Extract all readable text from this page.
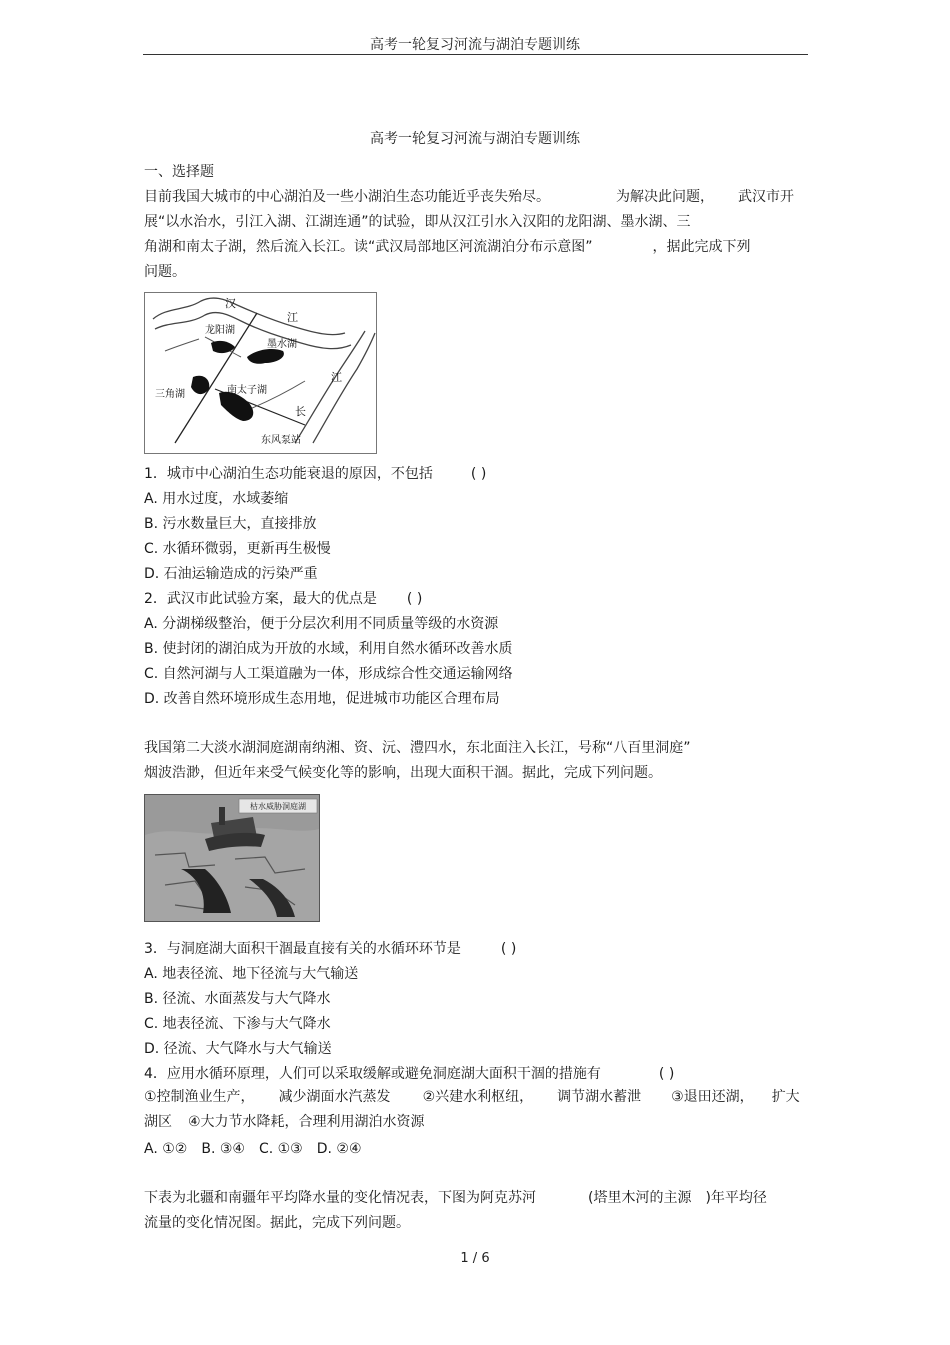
高考一轮复习河流与湖泊专题训练
高考一轮复习河流与湖泊专题训练
一、选择题
目前我国大城市的中心湖泊及一些小湖泊生态功能近乎丧失殆尽。	为解决此问题， 武汉市开
展“以水治水，引江入湖、江湖连通”的试验，即从汉江引水入汉阳的龙阳湖、墨水湖、三
角湖和南太子湖，然后流入长江。读“武汉局部地区河流湖泊分布示意图”	，据此完成下列
问题。
汉
江
龙阳湖
墨水湖
江
三角湖	南太子湖
长
东风泵站
1．城市中心湖泊生态功能衰退的原因，不包括	( )
A. 用水过度，水域萎缩
B. 污水数量巨大，直接排放
C. 水循环微弱，更新再生极慢
D. 石油运输造成的污染严重
2．武汉市此试验方案，最大的优点是 ( )
A. 分湖梯级整治，便于分层次利用不同质量等级的水资源
B. 使封闭的湖泊成为开放的水域，利用自然水循环改善水质
C. 自然河湖与人工渠道融为一体，形成综合性交通运输网络
D. 改善自然环境形成生态用地，促进城市功能区合理布局
我国第二大淡水湖洞庭湖南纳湘、资、沅、澧四水，东北面注入长江，号称“八百里洞庭”
烟波浩渺，但近年来受气候变化等的影响，出现大面积干涸。据此，完成下列问题。
枯水威胁洞庭湖
3．与洞庭湖大面积干涸最直接有关的水循环环节是	( )
A. 地表径流、地下径流与大气输送
B. 径流、水面蒸发与大气降水
C. 地表径流、下渗与大气降水
D. 径流、大气降水与大气输送
4．应用水循环原理，人们可以采取缓解或避免洞庭湖大面积干涸的措施有	( )
①控制渔业生产， 减少湖面水汽蒸发 ②兴建水利枢纽， 调节湖水蓄泄 ③退田还湖， 扩大
湖区 ④大力节水降耗，合理利用湖泊水资源
A. ①② B. ③④ C. ①③ D. ②④
下表为北疆和南疆年平均降水量的变化情况表，下图为阿克苏河	(塔里木河的主源 )年平均径
流量的变化情况图。据此，完成下列问题。
1 / 6
